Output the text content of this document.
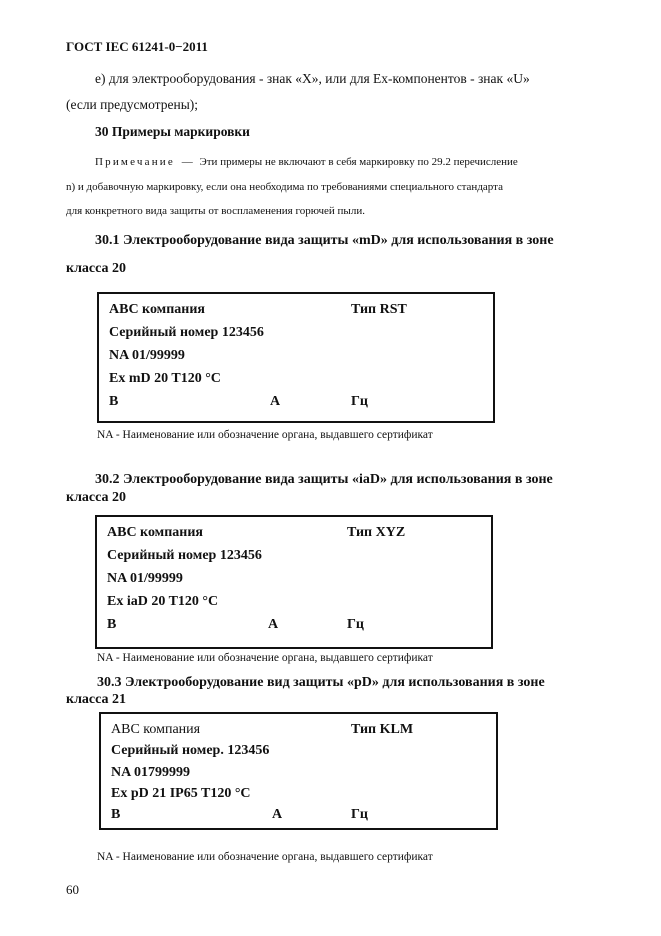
ГОСТ IEC 61241-0−2011
e) для электрооборудования - знак «X», или для Ex-компонентов - знак «U»
(если предусмотрены);
30 Примеры маркировки
Примечание — Эти примеры не включают в себя маркировку по 29.2 перечисление
n) и добавочную маркировку, если она необходима по требованиями специального стандарта
для конкретного вида защиты от воспламенения горючей пыли.
30.1 Электрооборудование вида защиты «mD» для использования в зоне
класса 20
ABC компания	Тип RST
Серийный номер 123456
NA 01/99999
Ex mD 20 T120 °C
В	А	Гц
NA - Наименование или обозначение органа, выдавшего сертификат
30.2 Электрооборудование вида защиты «iaD» для использования в зоне
класса 20
ABC компания	Тип XYZ
Серийный номер 123456
NA 01/99999
Ex iaD 20 T120 °C
В	А	Гц
NA - Наименование или обозначение органа, выдавшего сертификат
30.3 Электрооборудование вид защиты «pD» для использования в зоне
класса 21
ABC компания	Тип KLM
Серийный номер. 123456
NA 01799999
Ex pD 21 IP65 T120 °C
В	А	Гц
NA - Наименование или обозначение органа, выдавшего сертификат
60
